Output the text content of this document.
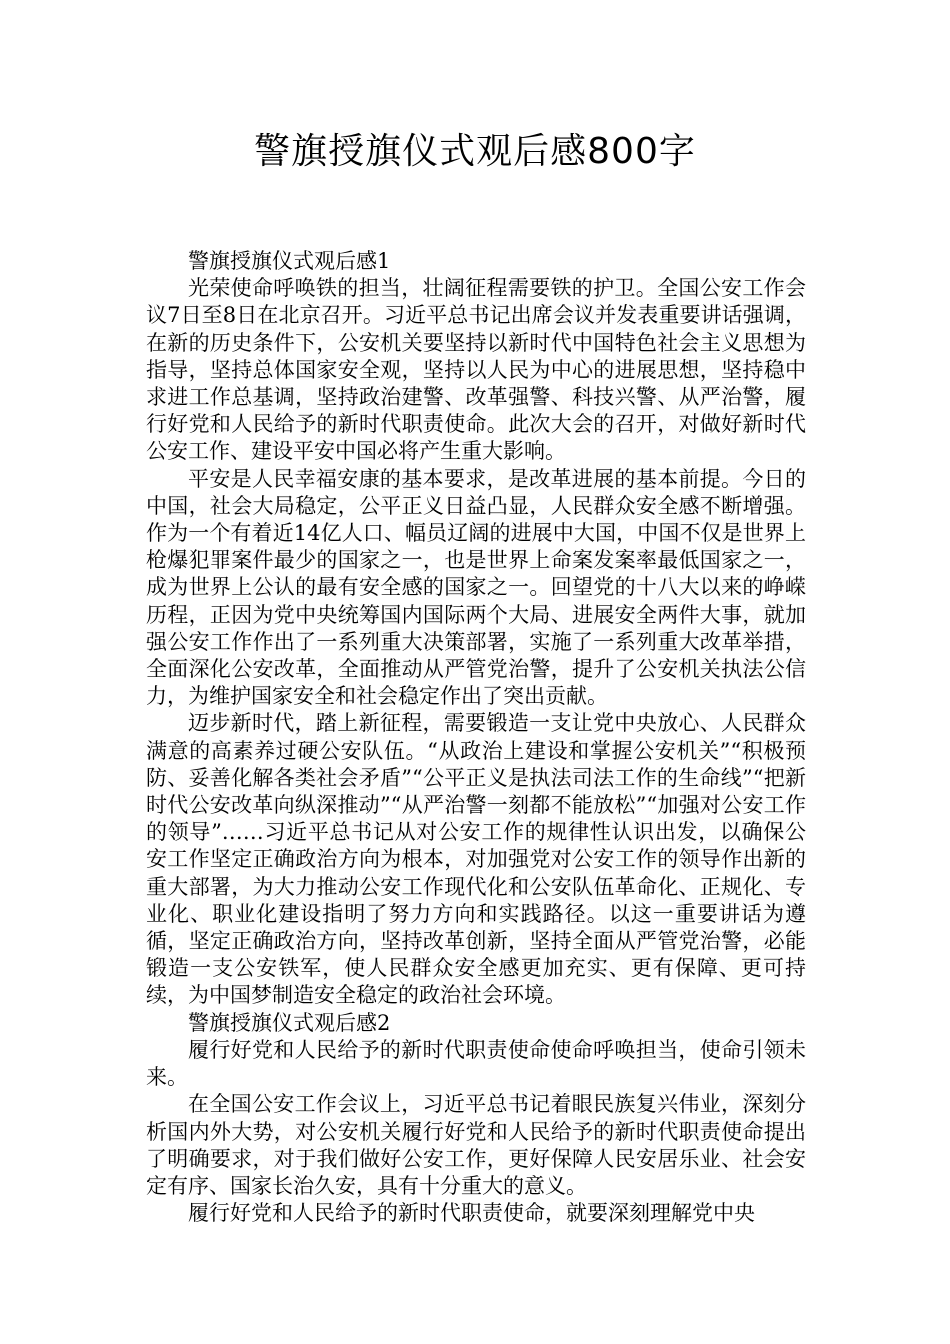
警旗授旗仪式观后感800字

警旗授旗仪式观后感1

光荣使命呼唤铁的担当，壮阔征程需要铁的护卫。全国公安工作会议7日至8日在北京召开。习近平总书记出席会议并发表重要讲话强调，在新的历史条件下，公安机关要坚持以新时代中国特色社会主义思想为指导，坚持总体国家安全观，坚持以人民为中心的进展思想，坚持稳中求进工作总基调，坚持政治建警、改革强警、科技兴警、从严治警，履行好党和人民给予的新时代职责使命。此次大会的召开，对做好新时代公安工作、建设平安中国必将产生重大影响。

平安是人民幸福安康的基本要求，是改革进展的基本前提。今日的中国，社会大局稳定，公平正义日益凸显，人民群众安全感不断增强。作为一个有着近14亿人口、幅员辽阔的进展中大国，中国不仅是世界上枪爆犯罪案件最少的国家之一，也是世界上命案发案率最低国家之一，成为世界上公认的最有安全感的国家之一。回望党的十八大以来的峥嵘历程，正因为党中央统筹国内国际两个大局、进展安全两件大事，就加强公安工作作出了一系列重大决策部署，实施了一系列重大改革举措，全面深化公安改革，全面推动从严管党治警，提升了公安机关执法公信力，为维护国家安全和社会稳定作出了突出贡献。

迈步新时代，踏上新征程，需要锻造一支让党中央放心、人民群众满意的高素养过硬公安队伍。“从政治上建设和掌握公安机关”“积极预防、妥善化解各类社会矛盾”“公平正义是执法司法工作的生命线”“把新时代公安改革向纵深推动”“从严治警一刻都不能放松”“加强对公安工作的领导”……习近平总书记从对公安工作的规律性认识出发，以确保公安工作坚定正确政治方向为根本，对加强党对公安工作的领导作出新的重大部署，为大力推动公安工作现代化和公安队伍革命化、正规化、专业化、职业化建设指明了努力方向和实践路径。以这一重要讲话为遵循，坚定正确政治方向，坚持改革创新，坚持全面从严管党治警，必能锻造一支公安铁军，使人民群众安全感更加充实、更有保障、更可持续，为中国梦制造安全稳定的政治社会环境。

警旗授旗仪式观后感2

履行好党和人民给予的新时代职责使命使命呼唤担当，使命引领未来。

在全国公安工作会议上，习近平总书记着眼民族复兴伟业，深刻分析国内外大势，对公安机关履行好党和人民给予的新时代职责使命提出了明确要求，对于我们做好公安工作，更好保障人民安居乐业、社会安定有序、国家长治久安，具有十分重大的意义。

履行好党和人民给予的新时代职责使命，就要深刻理解党中央
